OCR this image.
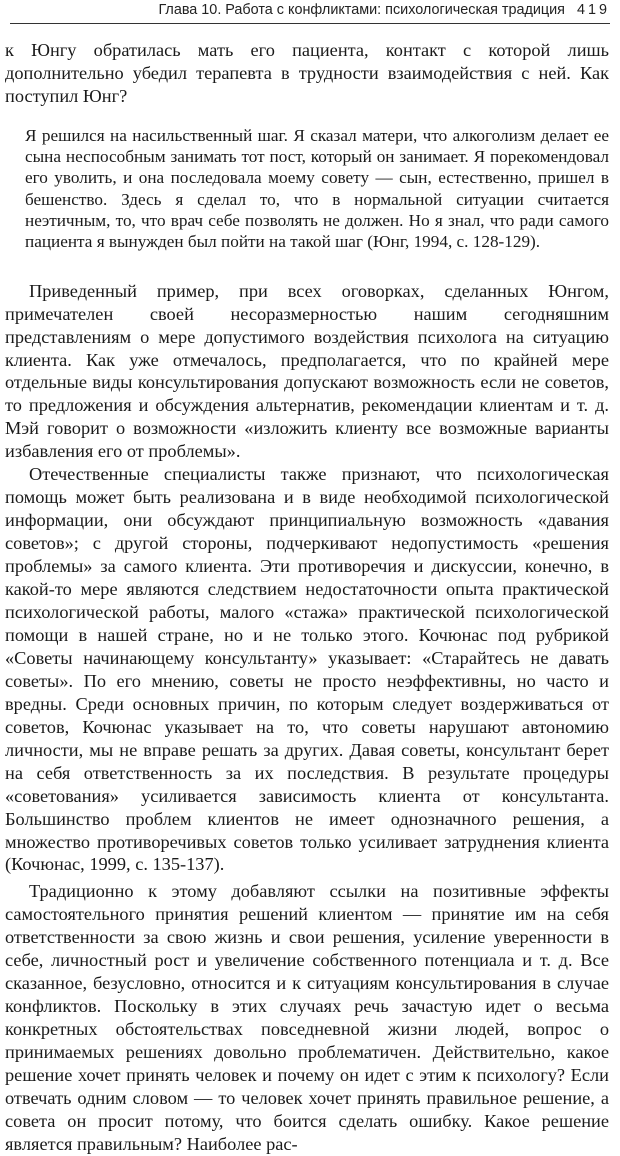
Глава 10. Работа с конфликтами: психологическая традиция 419

к Юнгу обратилась мать его пациента, контакт с которой лишь дополнительно убедил терапевта в трудности взаимодействия с ней. Как поступил Юнг?

Я решился на насильственный шаг. Я сказал матери, что алкоголизм делает ее сына неспособным занимать тот пост, который он занимает. Я порекомендовал его уволить, и она последовала моему совету — сын, естественно, пришел в бешенство. Здесь я сделал то, что в нормальной ситуации считается неэтичным, то, что врач себе позволять не должен. Но я знал, что ради самого пациента я вынужден был пойти на такой шаг (Юнг, 1994, с. 128-129).

Приведенный пример, при всех оговорках, сделанных Юнгом, примечателен своей несоразмерностью нашим сегодняшним представлениям о мере допустимого воздействия психолога на ситуацию клиента. Как уже отмечалось, предполагается, что по крайней мере отдельные виды консультирования допускают возможность если не советов, то предложения и обсуждения альтернатив, рекомендации клиентам и т. д. Мэй говорит о возможности «изложить клиенту все возможные варианты избавления его от проблемы».

Отечественные специалисты также признают, что психологическая помощь может быть реализована и в виде необходимой психологической информации, они обсуждают принципиальную возможность «давания советов»; с другой стороны, подчеркивают недопустимость «решения проблемы» за самого клиента. Эти противоречия и дискуссии, конечно, в какой-то мере являются следствием недостаточности опыта практической психологической работы, малого «стажа» практической психологической помощи в нашей стране, но и не только этого. Кочюнас под рубрикой «Советы начинающему консультанту» указывает: «Старайтесь не давать советы». По его мнению, советы не просто неэффективны, но часто и вредны. Среди основных причин, по которым следует воздерживаться от советов, Кочюнас указывает на то, что советы нарушают автономию личности, мы не вправе решать за других. Давая советы, консультант берет на себя ответственность за их последствия. В результате процедуры «советования» усиливается зависимость клиента от консультанта. Большинство проблем клиентов не имеет однозначного решения, а множество противоречивых советов только усиливает затруднения клиента (Кочюнас, 1999, с. 135-137).

Традиционно к этому добавляют ссылки на позитивные эффекты самостоятельного принятия решений клиентом — принятие им на себя ответственности за свою жизнь и свои решения, усиление уверенности в себе, личностный рост и увеличение собственного потенциала и т. д. Все сказанное, безусловно, относится и к ситуациям консультирования в случае конфликтов. Поскольку в этих случаях речь зачастую идет о весьма конкретных обстоятельствах повседневной жизни людей, вопрос о принимаемых решениях довольно проблематичен. Действительно, какое решение хочет принять человек и почему он идет с этим к психологу? Если отвечать одним словом — то человек хочет принять правильное решение, а совета он просит потому, что боится сделать ошибку. Какое решение является правильным? Наиболее рас-
